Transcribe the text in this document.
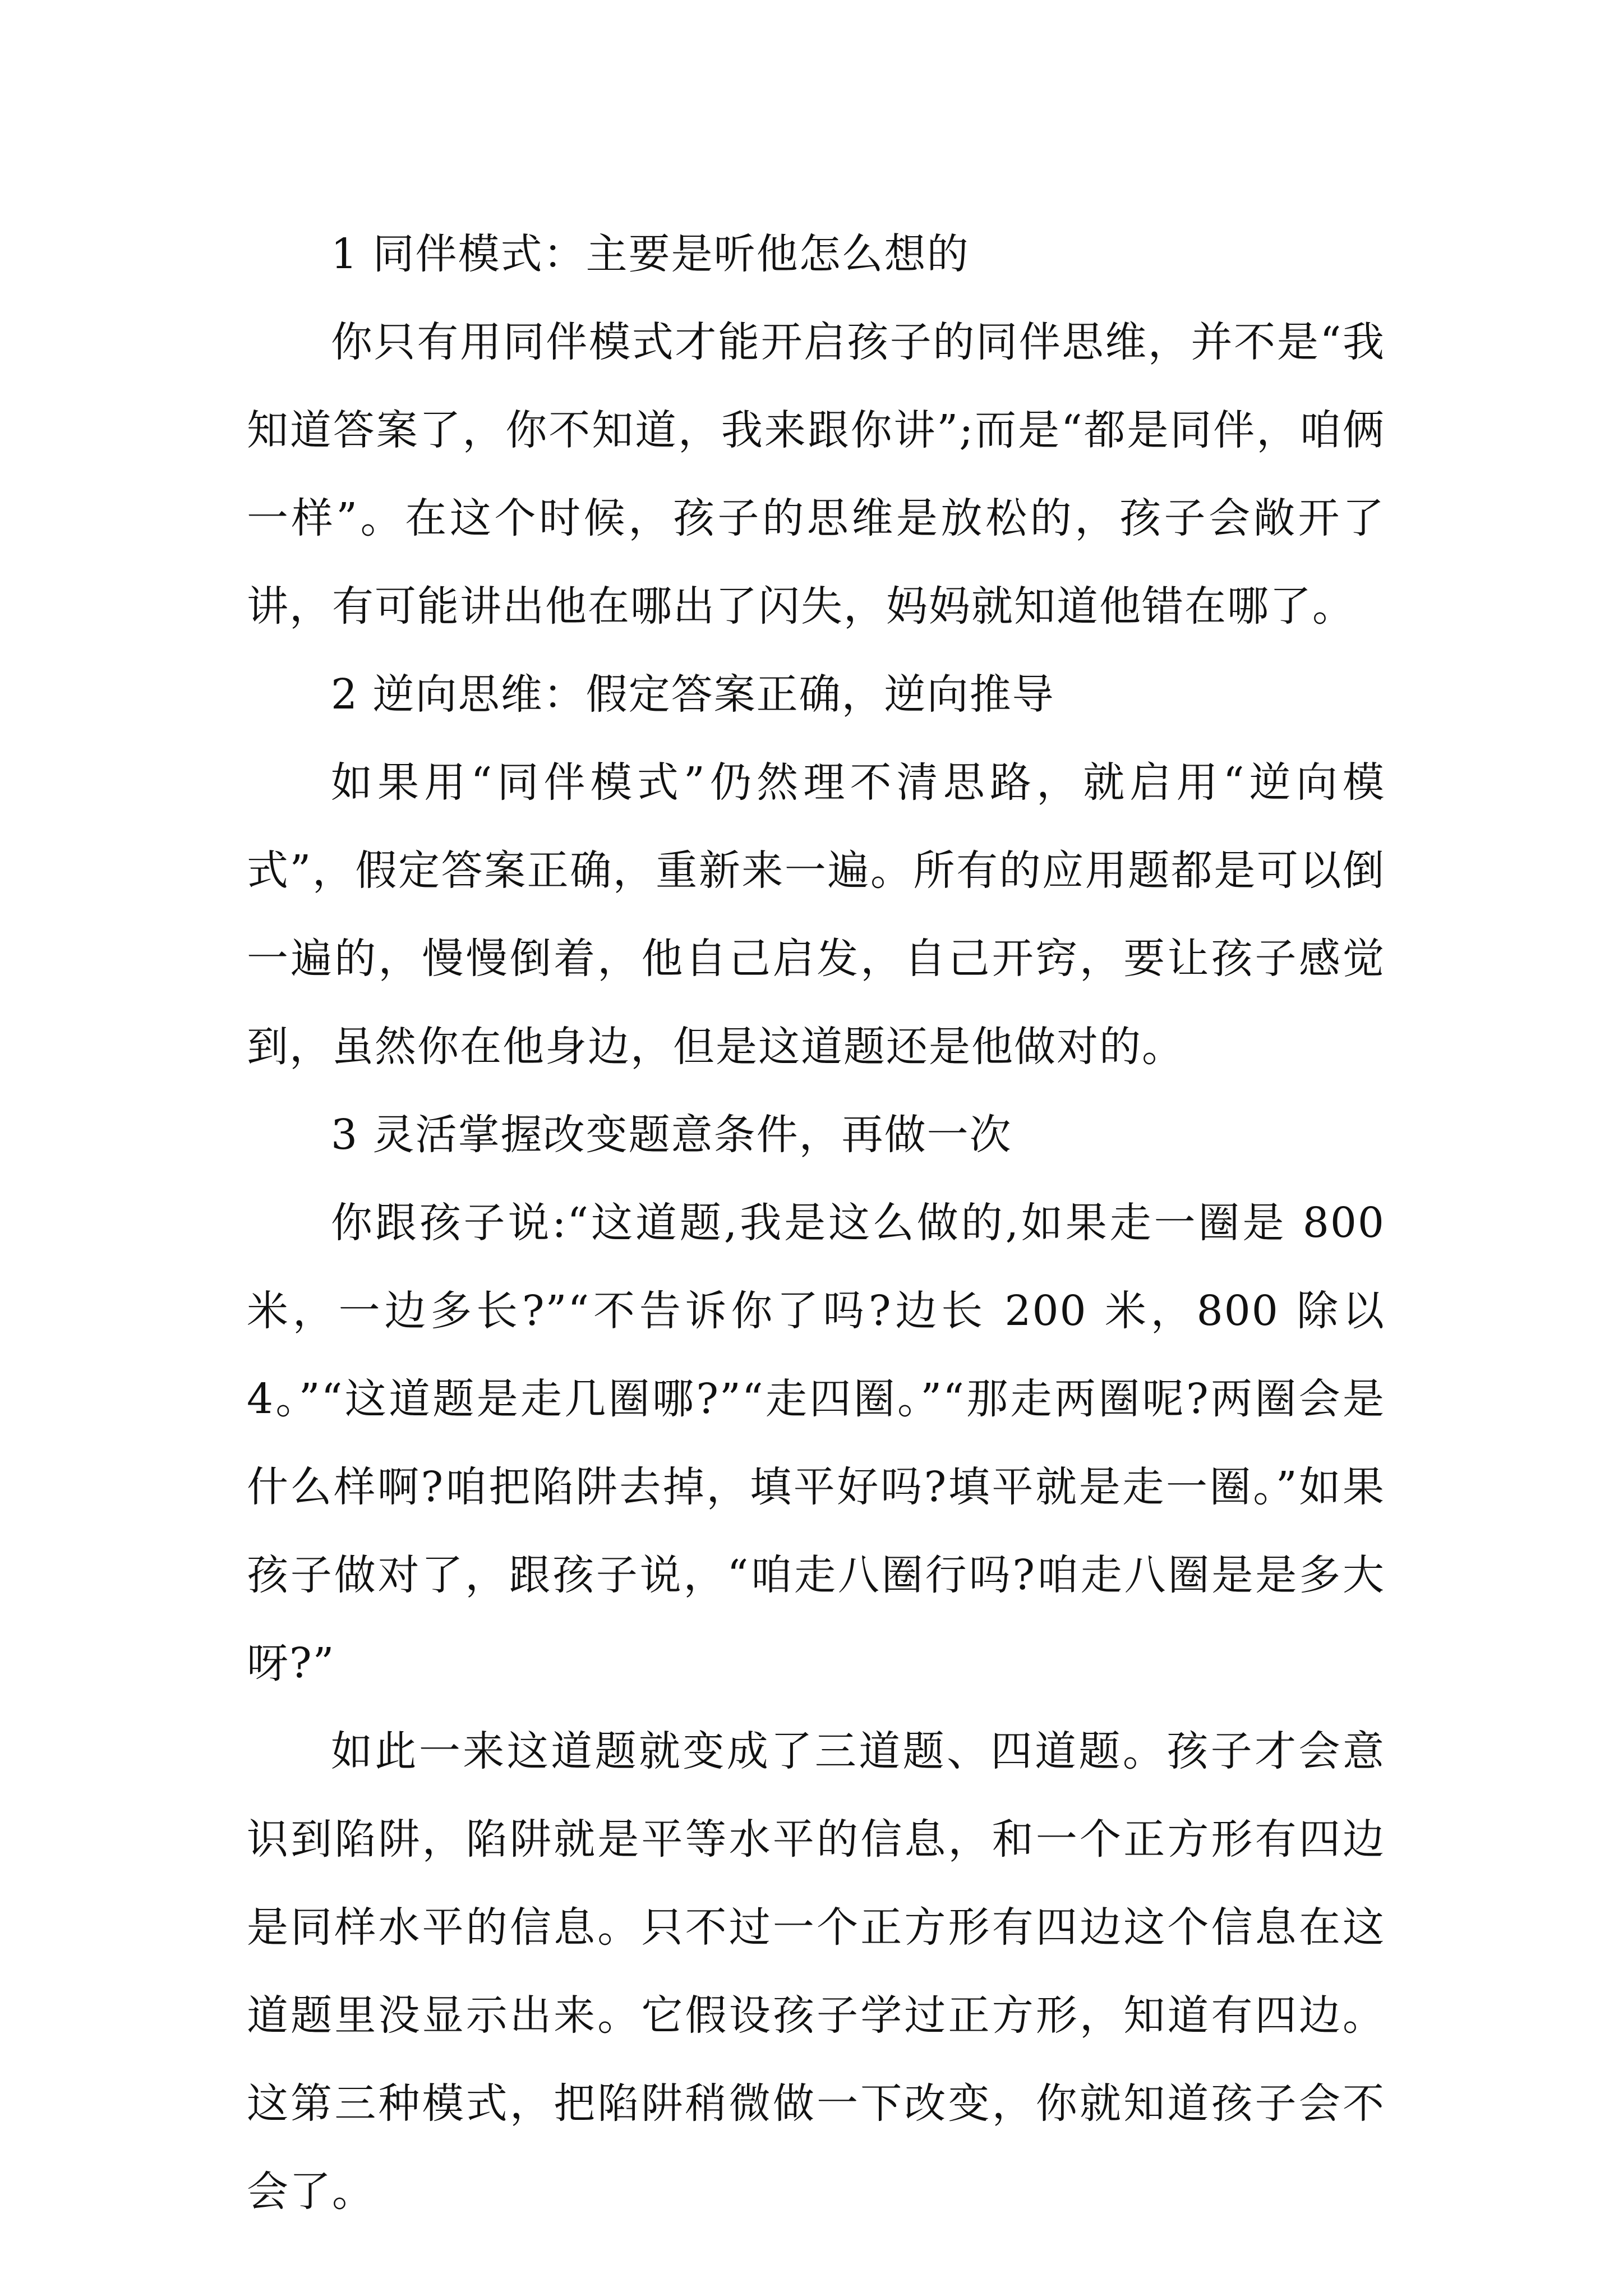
1 同伴模式：主要是听他怎么想的

你只有用同伴模式才能开启孩子的同伴思维，并不是“我知道答案了，你不知道，我来跟你讲”;而是“都是同伴，咱俩一样”。在这个时候，孩子的思维是放松的，孩子会敞开了讲，有可能讲出他在哪出了闪失，妈妈就知道他错在哪了。

2 逆向思维：假定答案正确，逆向推导

如果用“同伴模式”仍然理不清思路，就启用“逆向模式”，假定答案正确，重新来一遍。所有的应用题都是可以倒一遍的，慢慢倒着，他自己启发，自己开窍，要让孩子感觉到，虽然你在他身边，但是这道题还是他做对的。

3 灵活掌握改变题意条件，再做一次

你跟孩子说:“这道题,我是这么做的,如果走一圈是 800 米，一边多长?”“不告诉你了吗?边长 200 米，800 除以 4。”“这道题是走几圈哪?”“走四圈。”“那走两圈呢?两圈会是什么样啊?咱把陷阱去掉，填平好吗?填平就是走一圈。”如果孩子做对了，跟孩子说，“咱走八圈行吗?咱走八圈是是多大呀?”

如此一来这道题就变成了三道题、四道题。孩子才会意识到陷阱，陷阱就是平等水平的信息，和一个正方形有四边是同样水平的信息。只不过一个正方形有四边这个信息在这道题里没显示出来。它假设孩子学过正方形，知道有四边。这第三种模式，把陷阱稍微做一下改变，你就知道孩子会不会了。
